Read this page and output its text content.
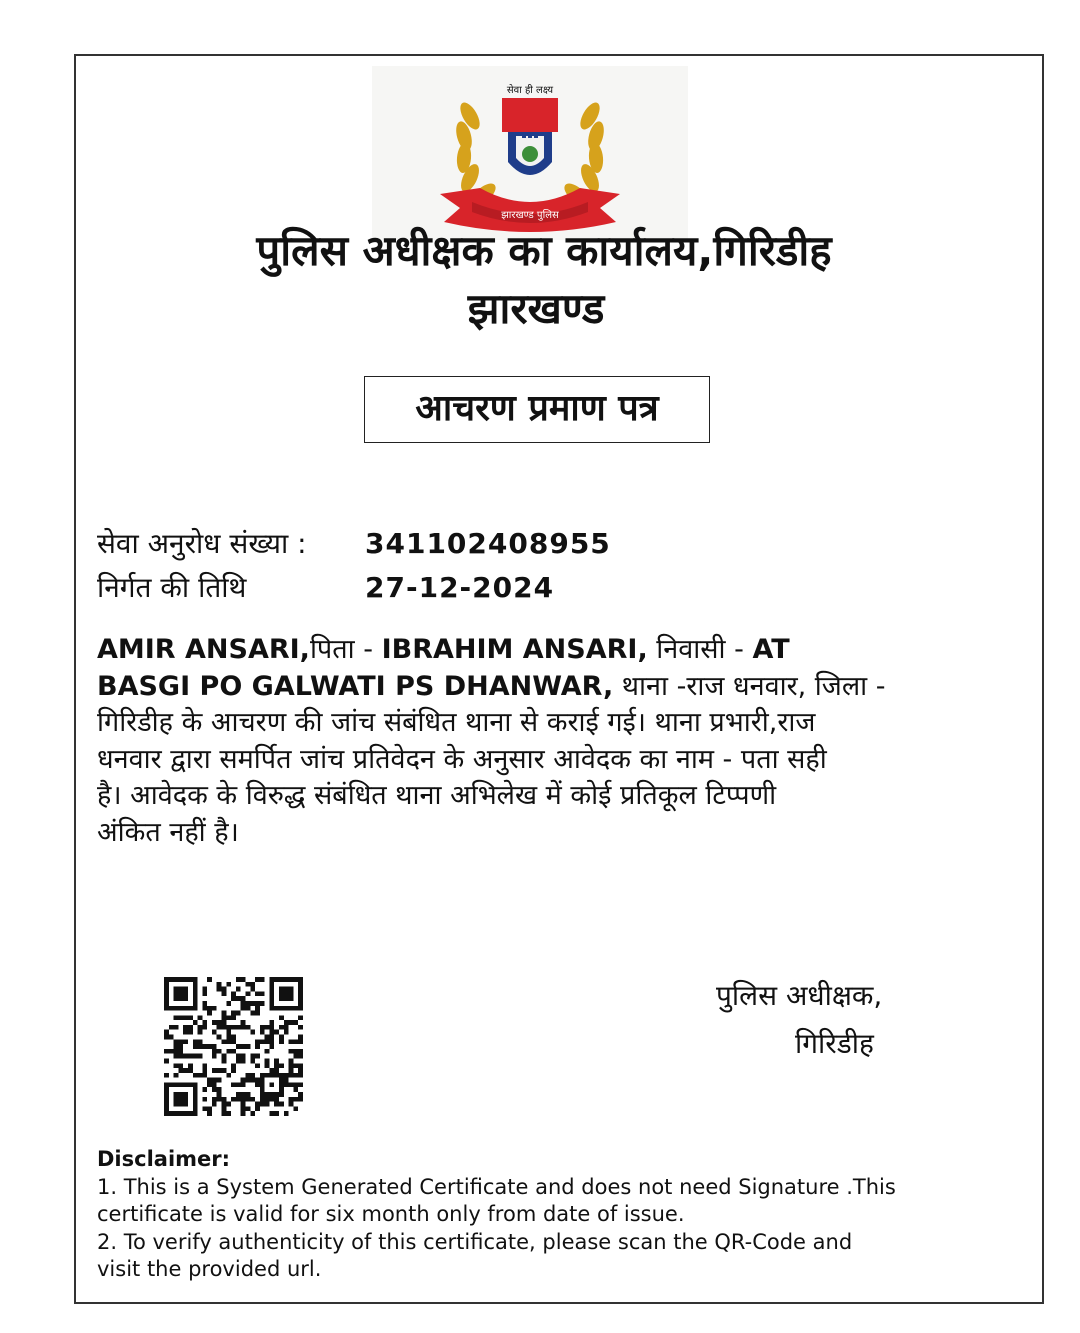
सेवा ही लक्ष्य
झारखण्ड पुलिस
पुलिस अधीक्षक का कार्यालय,गिरिडीह
झारखण्ड
आचरण प्रमाण पत्र
सेवा अनुरोध संख्या : 341102408955
निर्गत की तिथि	27-12-2024

AMIR ANSARI,पिता - IBRAHIM ANSARI, निवासी - AT

BASGI PO GALWATI PS DHANWAR, थाना -राज धनवार, जिला -

गिरिडीह के आचरण की जांच संबंधित थाना से कराई गई। थाना प्रभारी,राज

धनवार द्वारा समर्पित जांच प्रतिवेदन के अनुसार आवेदक का नाम - पता सही

है। आवेदक के विरुद्ध संबंधित थाना अभिलेख में कोई प्रतिकूल टिप्पणी

अंकित नहीं है।

पुलिस अधीक्षक,
गिरिडीह

Disclaimer:

1. This is a System Generated Certificate and does not need Signature .This

certificate is valid for six month only from date of issue.

2. To verify authenticity of this certificate, please scan the QR-Code and

visit the provided url.
